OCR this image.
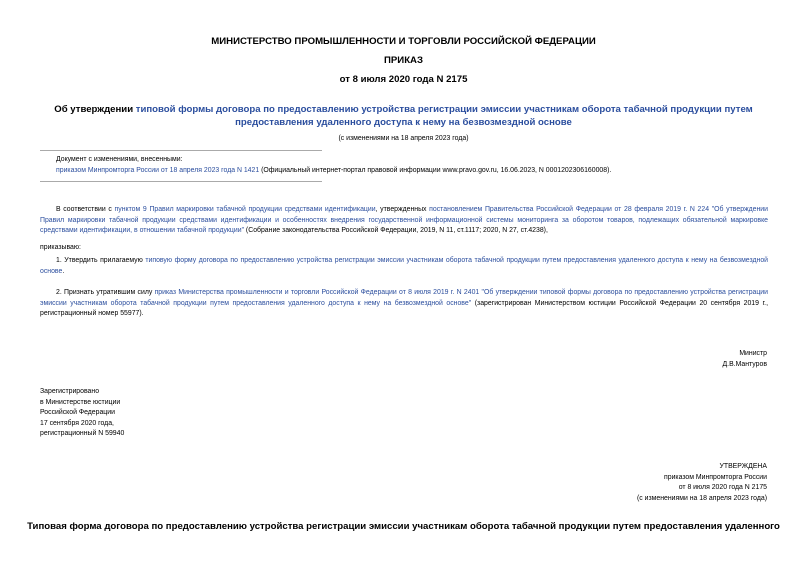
МИНИСТЕРСТВО ПРОМЫШЛЕННОСТИ И ТОРГОВЛИ РОССИЙСКОЙ ФЕДЕРАЦИИ
ПРИКАЗ
от 8 июля 2020 года N 2175
Об утверждении типовой формы договора по предоставлению устройства регистрации эмиссии участникам оборота табачной продукции путем предоставления удаленного доступа к нему на безвозмездной основе
(с изменениями на 18 апреля 2023 года)
Документ с изменениями, внесенными:
приказом Минпромторга России от 18 апреля 2023 года N 1421 (Официальный интернет-портал правовой информации www.pravo.gov.ru, 16.06.2023, N 0001202306160008).
В соответствии с пунктом 9 Правил маркировки табачной продукции средствами идентификации, утвержденных постановлением Правительства Российской Федерации от 28 февраля 2019 г. N 224 "Об утверждении Правил маркировки табачной продукции средствами идентификации и особенностях внедрения государственной информационной системы мониторинга за оборотом товаров, подлежащих обязательной маркировке средствами идентификации, в отношении табачной продукции" (Собрание законодательства Российской Федерации, 2019, N 11, ст.1117; 2020, N 27, ст.4238),
приказываю:
1. Утвердить прилагаемую типовую форму договора по предоставлению устройства регистрации эмиссии участникам оборота табачной продукции путем предоставления удаленного доступа к нему на безвозмездной основе.
2. Признать утратившим силу приказ Министерства промышленности и торговли Российской Федерации от 8 июля 2019 г. N 2401 "Об утверждении типовой формы договора по предоставлению устройства регистрации эмиссии участникам оборота табачной продукции путем предоставления удаленного доступа к нему на безвозмездной основе" (зарегистрирован Министерством юстиции Российской Федерации 20 сентября 2019 г., регистрационный номер 55977).
Министр
Д.В.Мантуров
Зарегистрировано
в Министерстве юстиции
Российской Федерации
17 сентября 2020 года,
регистрационный N 59940
УТВЕРЖДЕНА
приказом Минпромторга России
от 8 июля 2020 года N 2175
(с изменениями на 18 апреля 2023 года)
Типовая форма договора по предоставлению устройства регистрации эмиссии участникам оборота табачной продукции путем предоставления удаленного
